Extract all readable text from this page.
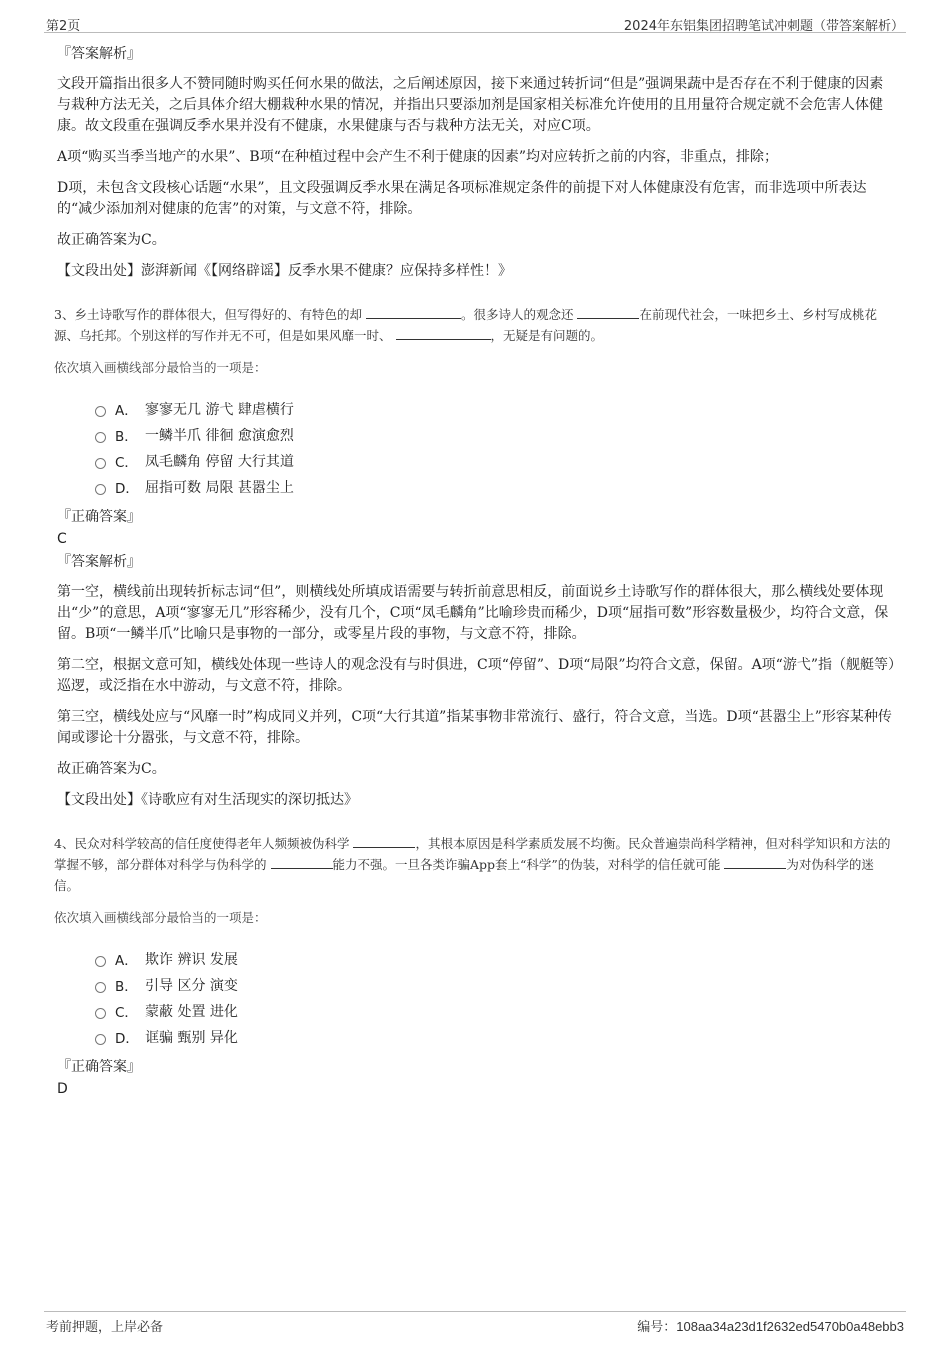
第2页	2024年东铝集团招聘笔试冲刺题（带答案解析）
『答案解析』
文段开篇指出很多人不赞同随时购买任何水果的做法，之后阐述原因，接下来通过转折词“但是”强调果蔬中是否存在不利于健康的因素与栽种方法无关，之后具体介绍大棚栽种水果的情况，并指出只要添加剂是国家相关标准允许使用的且用量符合规定就不会危害人体健康。故文段重在强调反季水果并没有不健康，水果健康与否与栽种方法无关，对应C项。
A项“购买当季当地产的水果”、B项“在种植过程中会产生不利于健康的因素”均对应转折之前的内容，非重点，排除；
D项，未包含文段核心话题“水果”，且文段强调反季水果在满足各项标准规定条件的前提下对人体健康没有危害，而非选项中所表达的“减少添加剂对健康的危害”的对策，与文意不符，排除。
故正确答案为C。
【文段出处】澎湃新闻《【网络辟谣】反季水果不健康？应保持多样性！》
3、乡土诗歌写作的群体很大，但写得好的、有特色的却	。很多诗人的观念还	在前现代社会，一味把乡土、乡村写成桃花源、乌托邦。个别这样的写作并无不可，但是如果风靡一时、	，无疑是有问题的。
依次填入画横线部分最恰当的一项是：
A． 寥寥无几 游弋 肆虐横行
B． 一鳞半爪 徘徊 愈演愈烈
C． 凤毛麟角 停留 大行其道
D． 屈指可数 局限 甚嚣尘上
『正确答案』
C
『答案解析』
第一空，横线前出现转折标志词“但”，则横线处所填成语需要与转折前意思相反，前面说乡土诗歌写作的群体很大，那么横线处要体现出“少”的意思，A项“寥寥无几”形容稀少，没有几个，C项“凤毛麟角”比喻珍贵而稀少，D项“屈指可数”形容数量极少，均符合文意，保留。B项“一鳞半爪”比喻只是事物的一部分，或零星片段的事物，与文意不符，排除。
第二空，根据文意可知，横线处体现一些诗人的观念没有与时俱进，C项“停留”、D项“局限”均符合文意，保留。A项“游弋”指（舰艇等）巡逻，或泛指在水中游动，与文意不符，排除。
第三空，横线处应与“风靡一时”构成同义并列，C项“大行其道”指某事物非常流行、盛行，符合文意，当选。D项“甚嚣尘上”形容某种传闻或谬论十分嚣张，与文意不符，排除。
故正确答案为C。
【文段出处】《诗歌应有对生活现实的深切抵达》
4、民众对科学较高的信任度使得老年人频频被伪科学	，其根本原因是科学素质发展不均衡。民众普遍崇尚科学精神，但对科学知识和方法的掌握不够，部分群体对科学与伪科学的	能力不强。一旦各类诈骗App套上“科学”的伪装，对科学的信任就可能	为对伪科学的迷信。
依次填入画横线部分最恰当的一项是：
A． 欺诈 辨识 发展
B． 引导 区分 演变
C． 蒙蔽 处置 进化
D． 诓骗 甄别 异化
『正确答案』
D
考前押题，上岸必备	编号：108aa34a23d1f2632ed5470b0a48ebb3
